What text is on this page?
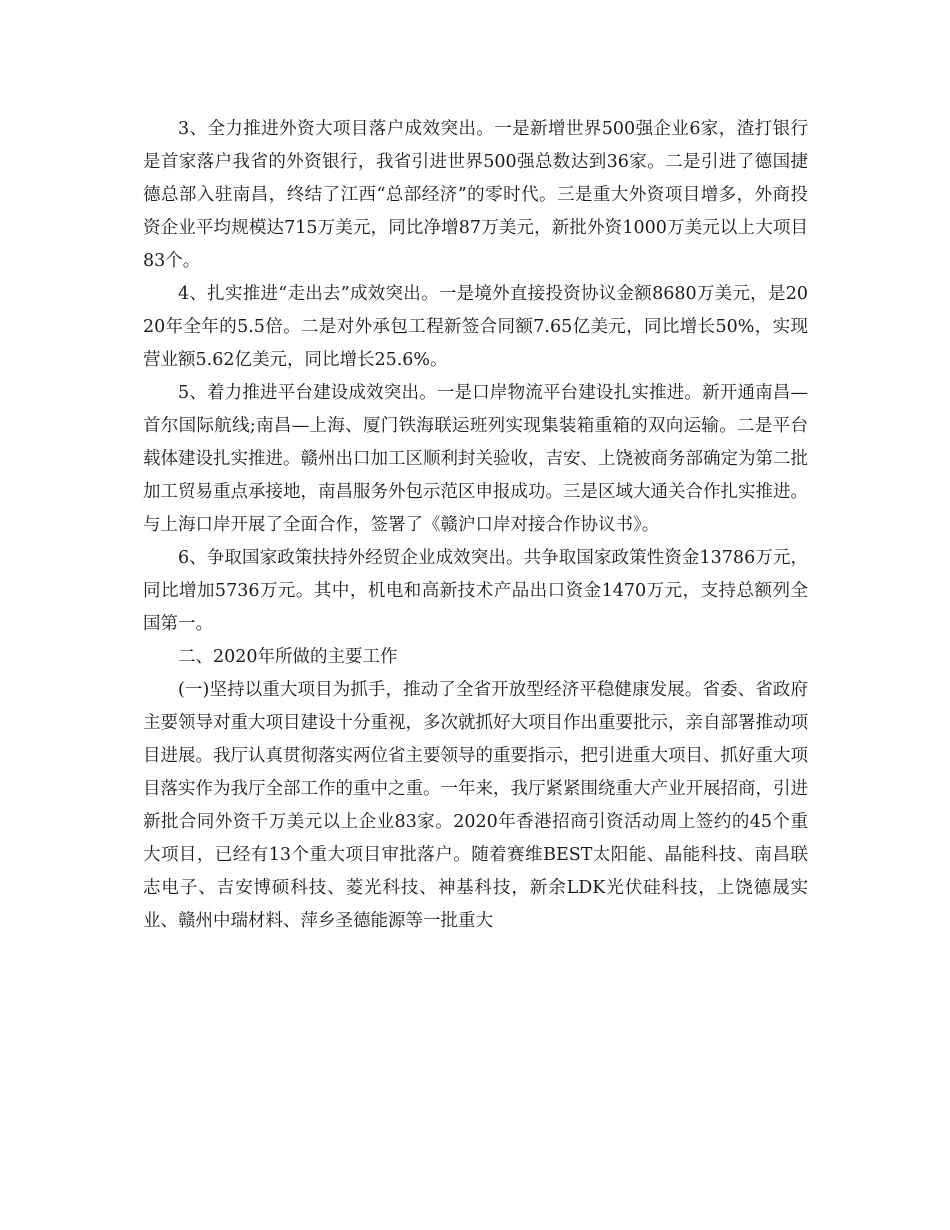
3、全力推进外资大项目落户成效突出。一是新增世界500强企业6家，渣打银行是首家落户我省的外资银行，我省引进世界500强总数达到36家。二是引进了德国捷德总部入驻南昌，终结了江西“总部经济”的零时代。三是重大外资项目增多，外商投资企业平均规模达715万美元，同比净增87万美元，新批外资1000万美元以上大项目83个。

4、扎实推进“走出去”成效突出。一是境外直接投资协议金额8680万美元，是2020年全年的5.5倍。二是对外承包工程新签合同额7.65亿美元，同比增长50%，实现营业额5.62亿美元，同比增长25.6%。

5、着力推进平台建设成效突出。一是口岸物流平台建设扎实推进。新开通南昌—首尔国际航线;南昌—上海、厦门铁海联运班列实现集装箱重箱的双向运输。二是平台载体建设扎实推进。赣州出口加工区顺利封关验收，吉安、上饶被商务部确定为第二批加工贸易重点承接地，南昌服务外包示范区申报成功。三是区域大通关合作扎实推进。与上海口岸开展了全面合作，签署了《赣沪口岸对接合作协议书》。

6、争取国家政策扶持外经贸企业成效突出。共争取国家政策性资金13786万元，同比增加5736万元。其中，机电和高新技术产品出口资金1470万元，支持总额列全国第一。

二、2020年所做的主要工作

(一)坚持以重大项目为抓手，推动了全省开放型经济平稳健康发展。省委、省政府主要领导对重大项目建设十分重视，多次就抓好大项目作出重要批示，亲自部署推动项目进展。我厅认真贯彻落实两位省主要领导的重要指示，把引进重大项目、抓好重大项目落实作为我厅全部工作的重中之重。一年来，我厅紧紧围绕重大产业开展招商，引进新批合同外资千万美元以上企业83家。2020年香港招商引资活动周上签约的45个重大项目，已经有13个重大项目审批落户。随着赛维BEST太阳能、晶能科技、南昌联志电子、吉安博硕科技、菱光科技、神基科技，新余LDK光伏硅科技，上饶德晟实业、赣州中瑞材料、萍乡圣德能源等一批重大
